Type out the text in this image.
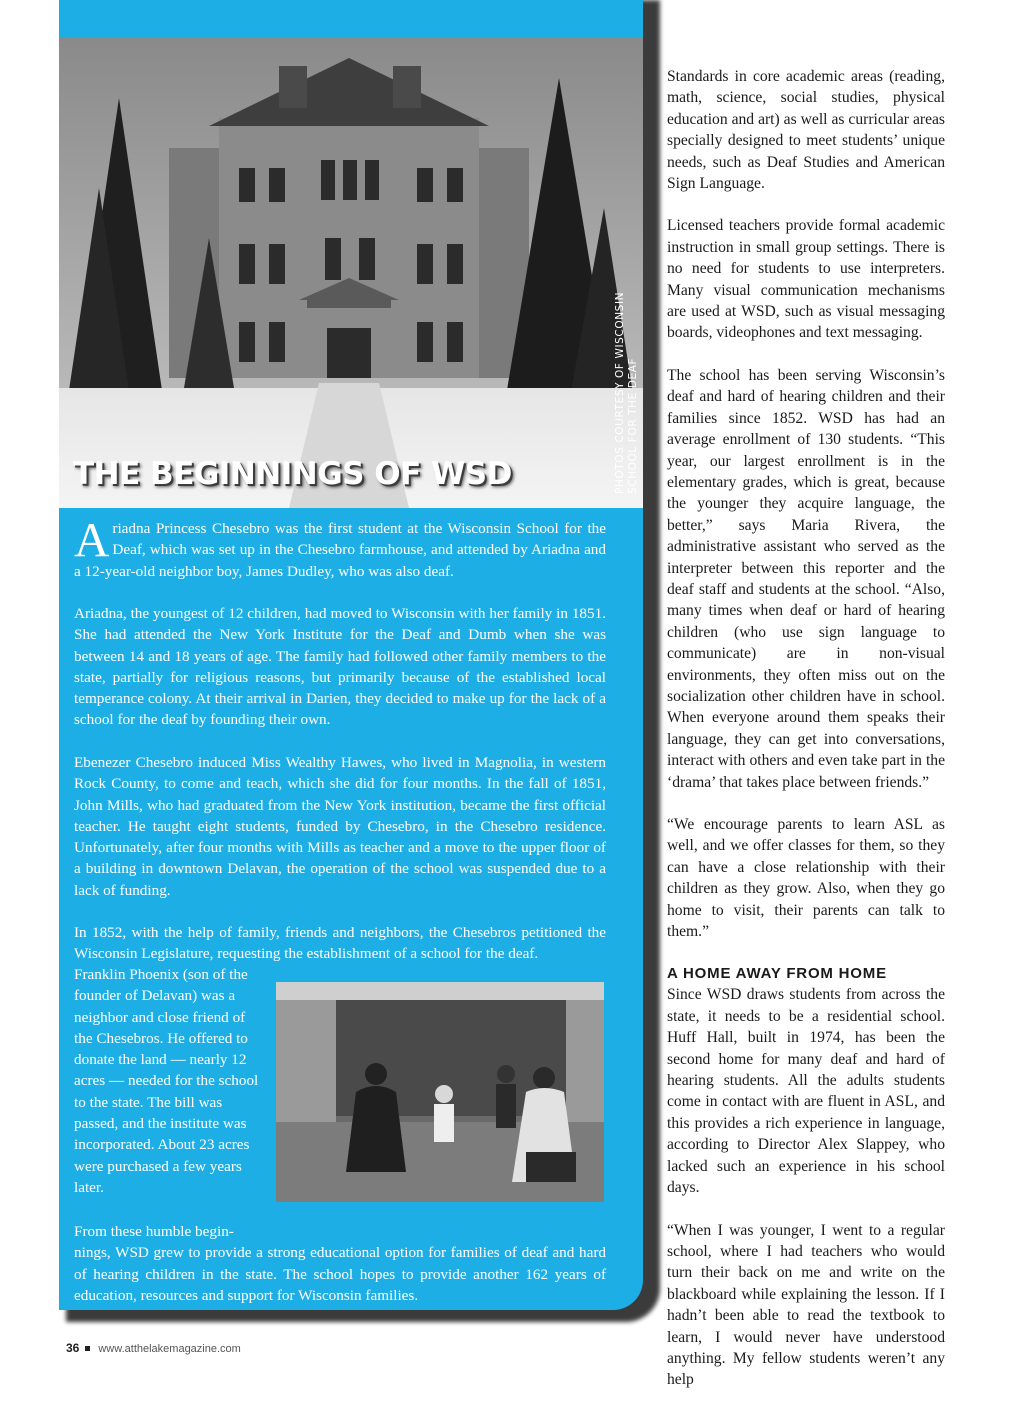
THE BEGINNINGS OF WSD	PHOTOS COURTESY OF WISCONSIN SCHOOL FOR THE DEAF

Ariadna Princess Chesebro was the first student at the Wisconsin School for the Deaf, which was set up in the Chesebro farmhouse, and attended by Ariadna and a 12-year-old neighbor boy, James Dudley, who was also deaf.

Ariadna, the youngest of 12 children, had moved to Wisconsin with her family in 1851. She had attended the New York Institute for the Deaf and Dumb when she was between 14 and 18 years of age. The family had followed other family members to the state, partially for religious reasons, but primarily because of the established local temperance colony. At their arrival in Darien, they decided to make up for the lack of a school for the deaf by founding their own.

Ebenezer Chesebro induced Miss Wealthy Hawes, who lived in Magnolia, in western Rock County, to come and teach, which she did for four months. In the fall of 1851, John Mills, who had graduated from the New York institution, became the first official teacher. He taught eight students, funded by Chesebro, in the Chesebro residence. Unfortunately, after four months with Mills as teacher and a move to the upper floor of a building in downtown Delavan, the operation of the school was suspended due to a lack of funding.

In 1852, with the help of family, friends and neighbors, the Chesebros petitioned the Wisconsin Legislature, requesting the establishment of a school for the deaf.

Franklin Phoenix (son of the founder of Delavan) was a neighbor and close friend of the Chesebros. He offered to donate the land — nearly 12 acres — needed for the school to the state. The bill was passed, and the institute was incorporated. About 23 acres were purchased a few years later.

From these humble begin-
nings, WSD grew to provide a strong educational option for families of deaf and hard of hearing children in the state. The school hopes to provide another 162 years of education, resources and support for Wisconsin families.

Standards in core academic areas (reading, math, science, social studies, physical education and art) as well as curricular areas specially designed to meet students’ unique needs, such as Deaf Studies and American Sign Language.

Licensed teachers provide formal academic instruction in small group settings. There is no need for students to use interpreters. Many visual communication mechanisms are used at WSD, such as visual messaging boards, videophones and text messaging.

The school has been serving Wisconsin’s deaf and hard of hearing children and their families since 1852. WSD has had an average enrollment of 130 students. “This year, our largest enrollment is in the elementary grades, which is great, because the younger they acquire language, the better,” says Maria Rivera, the administrative assistant who served as the interpreter between this reporter and the deaf staff and students at the school. “Also, many times when deaf or hard of hearing children (who use sign language to communicate) are in non-visual environments, they often miss out on the socialization other children have in school. When everyone around them speaks their language, they can get into conversations, interact with others and even take part in the ‘drama’ that takes place between friends.”

“We encourage parents to learn ASL as well, and we offer classes for them, so they can have a close relationship with their children as they grow. Also, when they go home to visit, their parents can talk to them.”

A HOME AWAY FROM HOME

Since WSD draws students from across the state, it needs to be a residential school. Huff Hall, built in 1974, has been the second home for many deaf and hard of hearing students. All the adults students come in contact with are fluent in ASL, and this provides a rich experience in language, according to Director Alex Slappey, who lacked such an experience in his school days.

“When I was younger, I went to a regular school, where I had teachers who would turn their back on me and write on the blackboard while explaining the lesson. If I hadn’t been able to read the textbook to learn, I would never have understood anything. My fellow students weren’t any help

36 www.atthelakemagazine.com
